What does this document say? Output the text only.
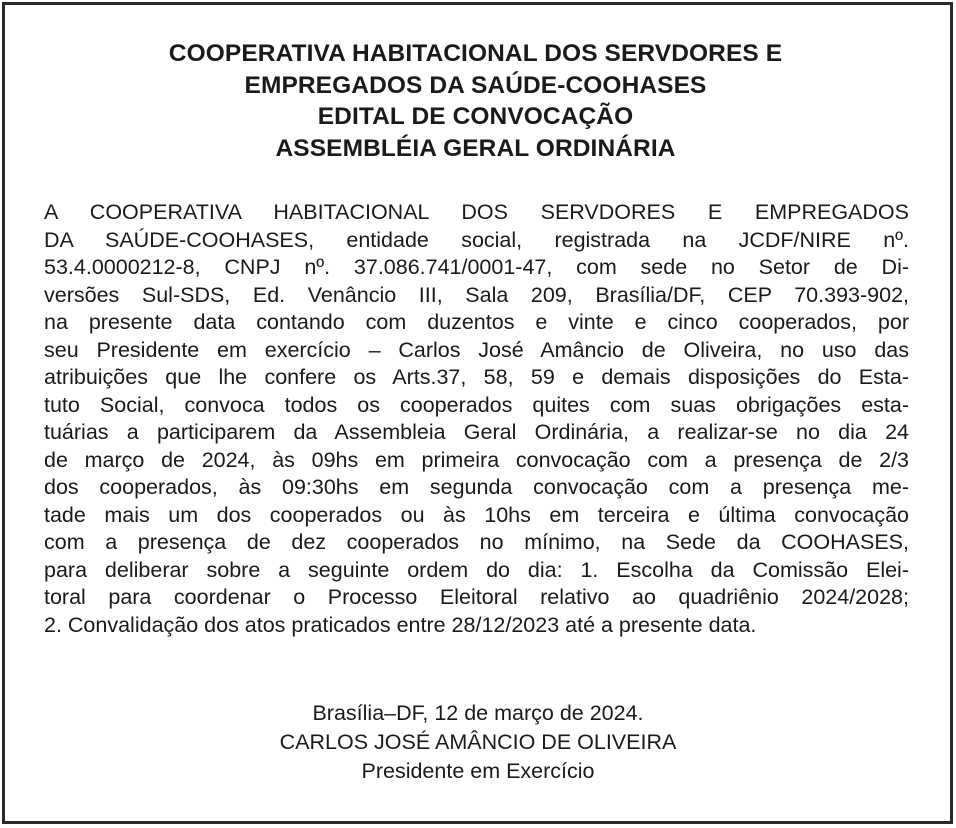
COOPERATIVA HABITACIONAL DOS SERVDORES E
EMPREGADOS DA SAÚDE-COOHASES
EDITAL DE CONVOCAÇÃO
ASSEMBLÉIA GERAL ORDINÁRIA
A COOPERATIVA HABITACIONAL DOS SERVDORES E EMPREGADOS
DA SAÚDE-COOHASES, entidade social, registrada na JCDF/NIRE nº.
53.4.0000212-8, CNPJ nº. 37.086.741/0001-47, com sede no Setor de Di-
versões Sul-SDS, Ed. Venâncio III, Sala 209, Brasília/DF, CEP 70.393-902,
na presente data contando com duzentos e vinte e cinco cooperados, por
seu Presidente em exercício – Carlos José Amâncio de Oliveira, no uso das
atribuições que lhe confere os Arts.37, 58, 59 e demais disposições do Esta-
tuto Social, convoca todos os cooperados quites com suas obrigações esta-
tuárias a participarem da Assembleia Geral Ordinária, a realizar-se no dia 24
de março de 2024, às 09hs em primeira convocação com a presença de 2/3
dos cooperados, às 09:30hs em segunda convocação com a presença me-
tade mais um dos cooperados ou às 10hs em terceira e última convocação
com a presença de dez cooperados no mínimo, na Sede da COOHASES,
para deliberar sobre a seguinte ordem do dia: 1. Escolha da Comissão Elei-
toral para coordenar o Processo Eleitoral relativo ao quadriênio 2024/2028;
2. Convalidação dos atos praticados entre 28/12/2023 até a presente data.
Brasília–DF, 12 de março de 2024.
CARLOS JOSÉ AMÂNCIO DE OLIVEIRA
Presidente em Exercício
